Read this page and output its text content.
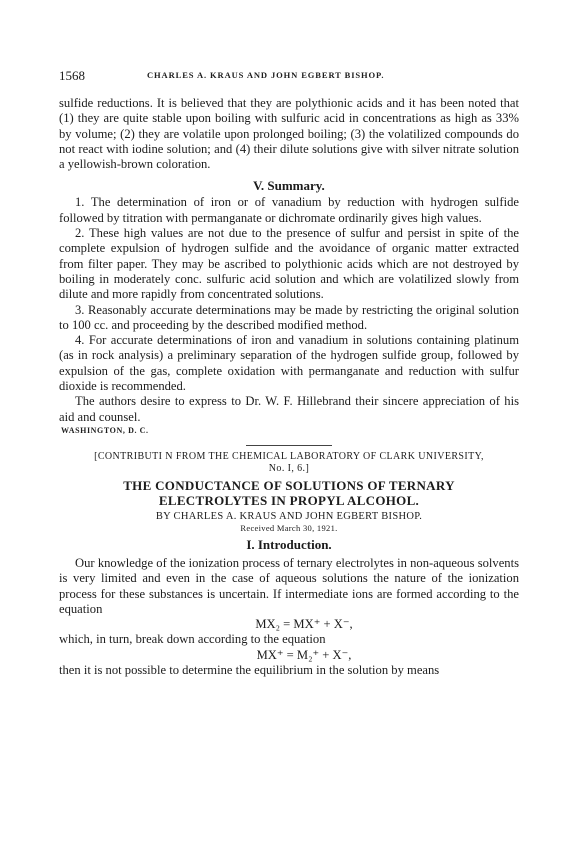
1568	CHARLES A. KRAUS AND JOHN EGBERT BISHOP.

sulfide reductions. It is believed that they are polythionic acids and it has been noted that (1) they are quite stable upon boiling with sulfuric acid in concentrations as high as 33% by volume; (2) they are volatile upon prolonged boiling; (3) the volatilized compounds do not react with iodine solution; and (4) their dilute solutions give with silver nitrate solution a yellowish-brown coloration.

V. Summary.

1. The determination of iron or of vanadium by reduction with hydrogen sulfide followed by titration with permanganate or dichromate ordinarily gives high values.

2. These high values are not due to the presence of sulfur and persist in spite of the complete expulsion of hydrogen sulfide and the avoidance of organic matter extracted from filter paper. They may be ascribed to polythionic acids which are not destroyed by boiling in moderately conc. sulfuric acid solution and which are volatilized slowly from dilute and more rapidly from concentrated solutions.

3. Reasonably accurate determinations may be made by restricting the original solution to 100 cc. and proceeding by the described modified method.

4. For accurate determinations of iron and vanadium in solutions containing platinum (as in rock analysis) a preliminary separation of the hydrogen sulfide group, followed by expulsion of the gas, complete oxidation with permanganate and reduction with sulfur dioxide is recommended.

The authors desire to express to Dr. W. F. Hillebrand their sincere appreciation of his aid and counsel.

WASHINGTON, D. C.
[CONTRIBUTI N FROM THE CHEMICAL LABORATORY OF CLARK UNIVERSITY,
No. I, 6.]
THE CONDUCTANCE OF SOLUTIONS OF TERNARY
ELECTROLYTES IN PROPYL ALCOHOL.
BY CHARLES A. KRAUS AND JOHN EGBERT BISHOP.
Received March 30, 1921.
I. Introduction.

Our knowledge of the ionization process of ternary electrolytes in non-aqueous solvents is very limited and even in the case of aqueous solutions the nature of the ionization process for these substances is uncertain. If intermediate ions are formed according to the equation

MX₂ = MX⁺ + X⁻,

which, in turn, break down according to the equation

MX⁺ = M₂⁺ + X⁻,

then it is not possible to determine the equilibrium in the solution by means
